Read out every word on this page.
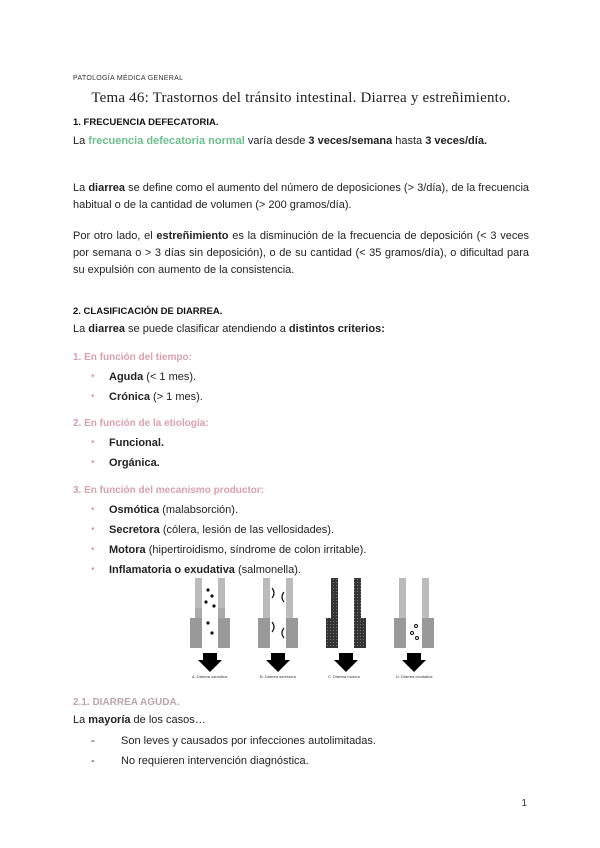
PATOLOGÍA MÉDICA GENERAL
Tema 46: Trastornos del tránsito intestinal. Diarrea y estreñimiento.
1. FRECUENCIA DEFECATORIA.
La frecuencia defecatoria normal varía desde 3 veces/semana hasta 3 veces/día.
La diarrea se define como el aumento del número de deposiciones (> 3/día), de la frecuencia habitual o de la cantidad de volumen (> 200 gramos/día).
Por otro lado, el estreñimiento es la disminución de la frecuencia de deposición (< 3 veces por semana o > 3 días sin deposición), o de su cantidad (< 35 gramos/día), o dificultad para su expulsión con aumento de la consistencia.
2. CLASIFICACIÓN DE DIARREA.
La diarrea se puede clasificar atendiendo a distintos criterios:
1. En función del tiempo:
• Aguda (< 1 mes).
• Crónica (> 1 mes).
2. En función de la etiología:
• Funcional.
• Orgánica.
3. En función del mecanismo productor:
• Osmótica (malabsorción).
• Secretora (cólera, lesión de las vellosidades).
• Motora (hipertiroidismo, síndrome de colon irritable).
• Inflamatoria o exudativa (salmonella).
2.1. DIARREA AGUDA.
La mayoría de los casos…
- Son leves y causados por infecciones autolimitadas.
- No requieren intervención diagnóstica.
A. Diarrea osmótica	B. Diarrea secretora	C. Diarrea motora	D. Diarrea exudativa
1
